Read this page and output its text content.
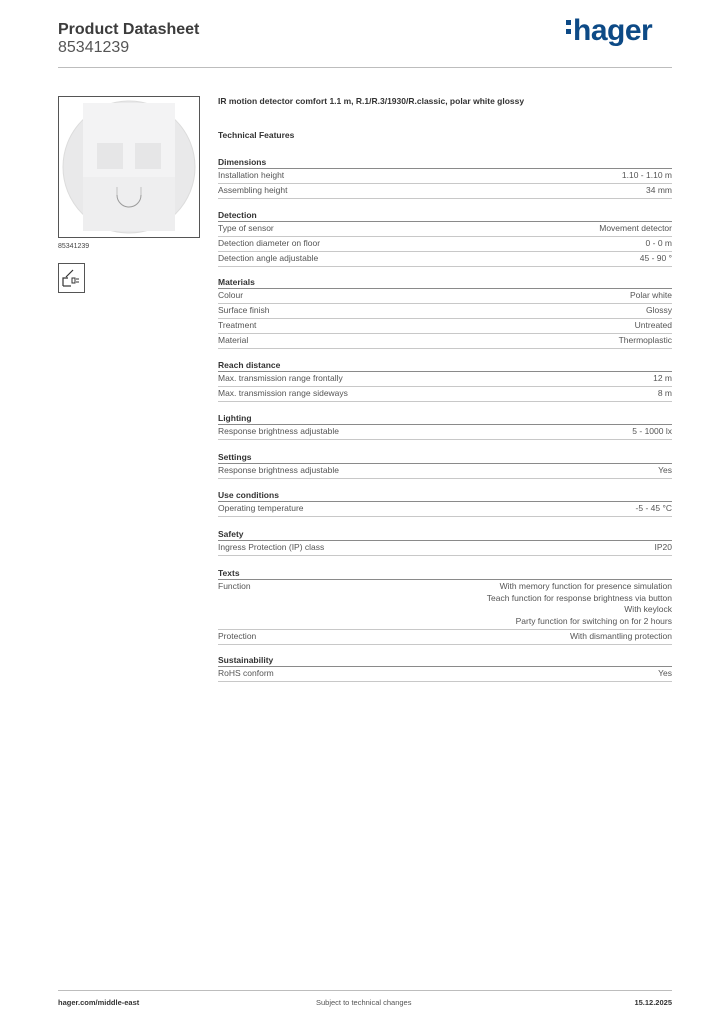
Product Datasheet
85341239
hager
85341239
IR motion detector comfort 1.1 m, R.1/R.3/1930/R.classic, polar white glossy
Technical Features
Dimensions
Installation height	1.10 - 1.10 m
Assembling height	34 mm
Detection
Type of sensor	Movement detector
Detection diameter on floor	0 - 0 m
Detection angle adjustable	45 - 90 °
Materials
Colour	Polar white
Surface finish	Glossy
Treatment	Untreated
Material	Thermoplastic
Reach distance
Max. transmission range frontally	12 m
Max. transmission range sideways	8 m
Lighting
Response brightness adjustable	5 - 1000 lx
Settings
Response brightness adjustable	Yes
Use conditions
Operating temperature	-5 - 45 °C
Safety
Ingress Protection (IP) class	IP20
Texts
Function	With memory function for presence simulation
Teach function for response brightness via button
With keylock
Party function for switching on for 2 hours
Protection	With dismantling protection
Sustainability
RoHS conform	Yes
hager.com/middle-east	Subject to technical changes	15.12.2025
